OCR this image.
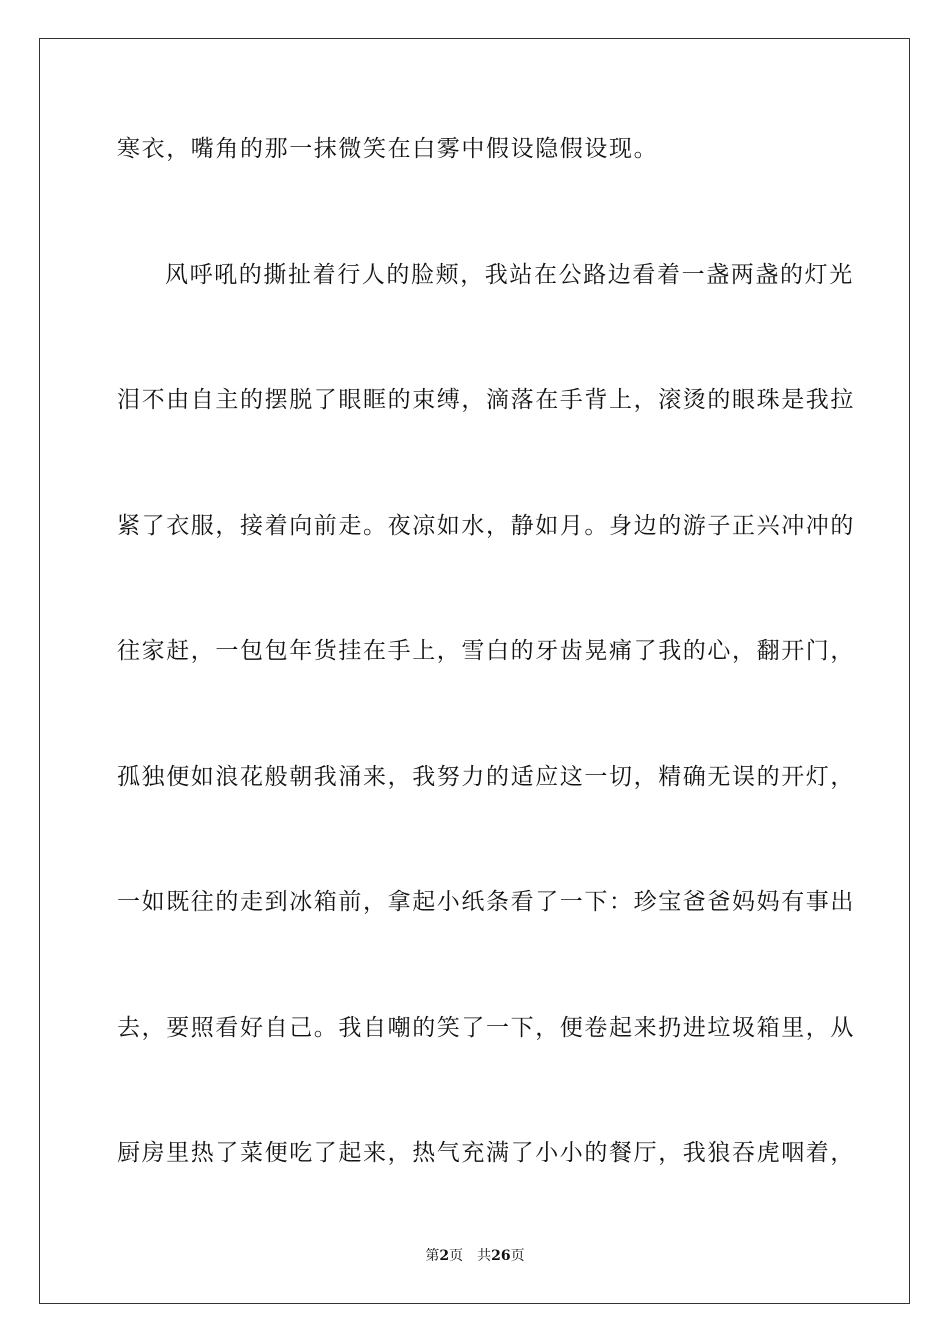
寒衣，嘴角的那一抹微笑在白雾中假设隐假设现。
风呼吼的撕扯着行人的脸颊，我站在公路边看着一盏两盏的灯光
泪不由自主的摆脱了眼眶的束缚，滴落在手背上，滚烫的眼珠是我拉
紧了衣服，接着向前走。夜凉如水，静如月。身边的游子正兴冲冲的
往家赶，一包包年货挂在手上，雪白的牙齿晃痛了我的心，翻开门，
孤独便如浪花般朝我涌来，我努力的适应这一切，精确无误的开灯，
一如既往的走到冰箱前，拿起小纸条看了一下：珍宝爸爸妈妈有事出
去，要照看好自己。我自嘲的笑了一下，便卷起来扔进垃圾箱里，从
厨房里热了菜便吃了起来，热气充满了小小的餐厅，我狼吞虎咽着，
第2页 共26页
